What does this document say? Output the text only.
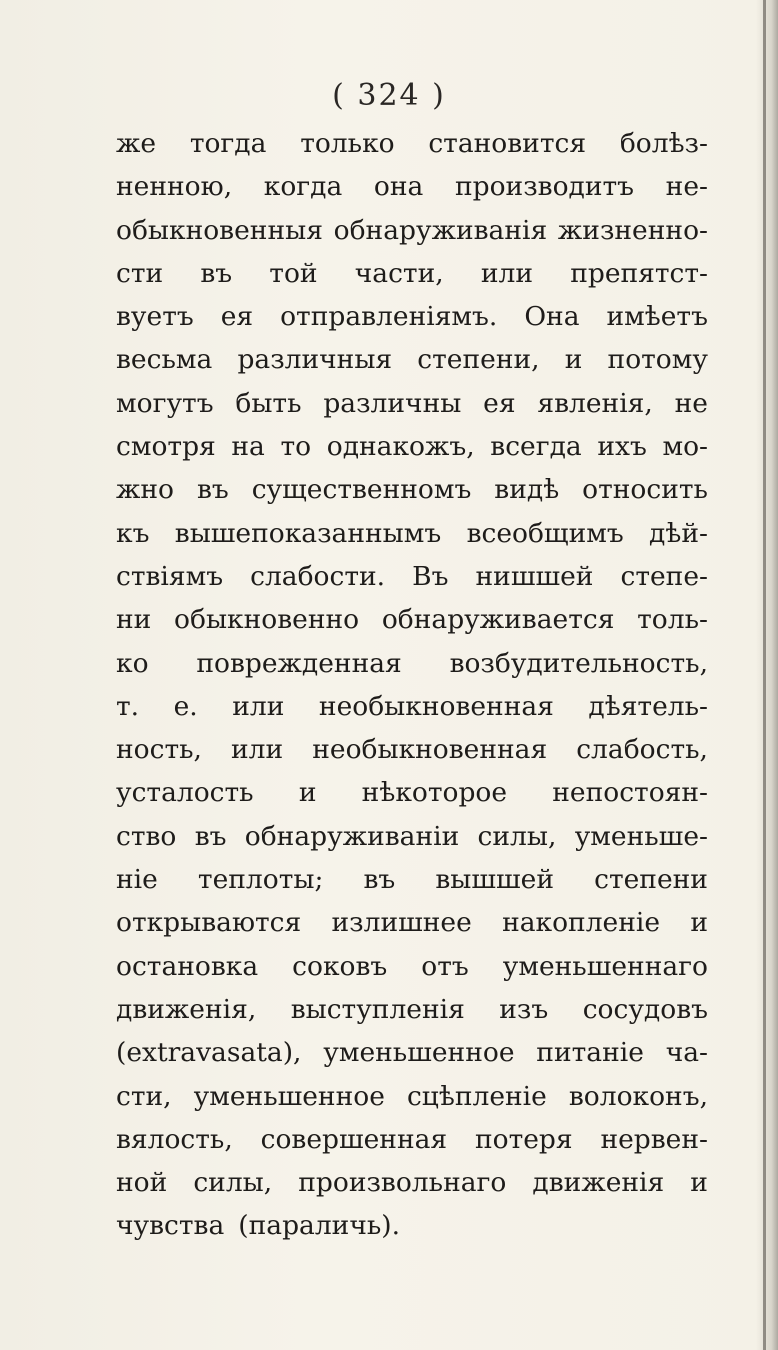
( 324 )
же тогда только становится болѣз-
ненною, когда она производитъ не-
обыкновенныя обнаруживанія жизненно-
сти въ той части, или препятст-
вуетъ ея отправленіямъ. Она имѣетъ
весьма различныя степени, и потому
могутъ быть различны ея явленія, не
смотря на то однакожъ, всегда ихъ мо-
жно въ существенномъ видѣ относить
къ вышепоказаннымъ всеобщимъ дѣй-
ствіямъ слабости. Въ нишшей степе-
ни обыкновенно обнаруживается толь-
ко поврежденная возбудительность,
т. е. или необыкновенная дѣятель-
ность, или необыкновенная слабость,
усталость и нѣкоторое непостоян-
ство въ обнаруживаніи силы, уменьше-
ніе теплоты; въ вышшей степени
открываются излишнее накопленіе и
остановка соковъ отъ уменьшеннаго
движенія, выступленія изъ сосудовъ
(extravasata), уменьшенное питаніе ча-
сти, уменьшенное сцѣпленіе волоконъ,
вялость, совершенная потеря нервен-
ной силы, произвольнаго движенія и
чувства (параличь).
